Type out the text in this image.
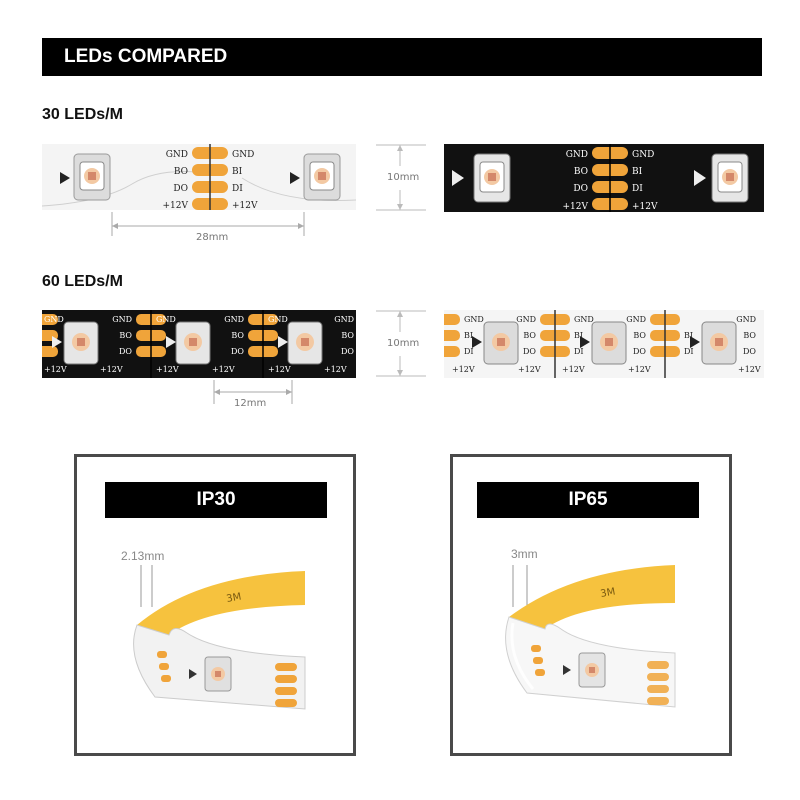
LEDs COMPARED
30 LEDs/M
GND
BO
DO
+12V
GND
BI
DI
+12V
28mm
10mm
GND
BO
DO
+12V
GND
BI
DI
+12V
60 LEDs/M
GND	GND
BO
DO
+12V	+12V
GND	GND
BO
DO
+12V	+12V
GND	GND
BO
DO
+12V	+12V
12mm
10mm
GND
BI
DI
+12V
GND
BO
DO
+12V
GND
BI
DI
+12V
GND
BO
DO
+12V
BI
DI
GND
BO
DO
+12V
3M
IP30
2.13mm
3M
IP65
3mm
